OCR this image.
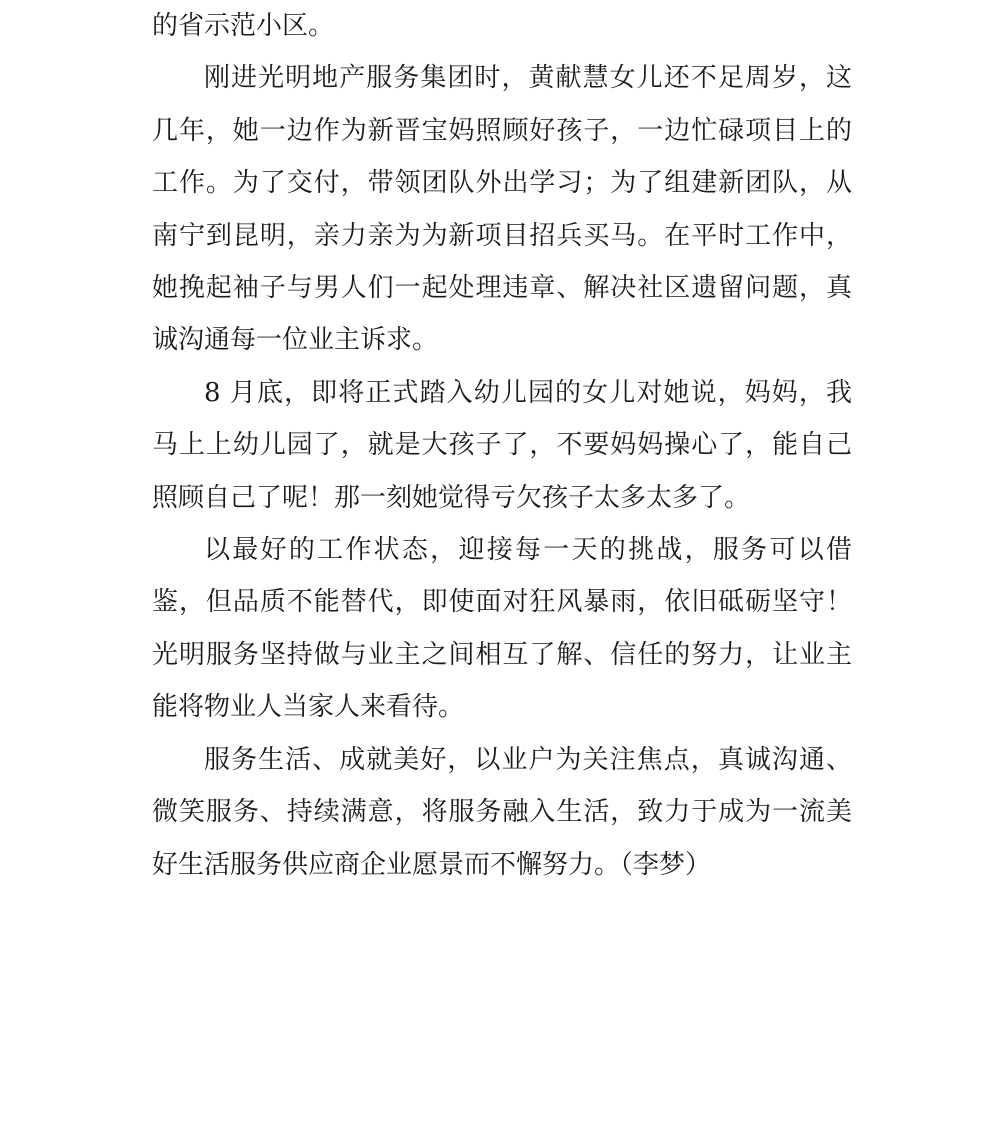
的省示范小区。

刚进光明地产服务集团时，黄献慧女儿还不足周岁，这几年，她一边作为新晋宝妈照顾好孩子，一边忙碌项目上的工作。为了交付，带领团队外出学习；为了组建新团队，从南宁到昆明，亲力亲为为新项目招兵买马。在平时工作中，她挽起袖子与男人们一起处理违章、解决社区遗留问题，真诚沟通每一位业主诉求。

8 月底，即将正式踏入幼儿园的女儿对她说，妈妈，我马上上幼儿园了，就是大孩子了，不要妈妈操心了，能自己照顾自己了呢！那一刻她觉得亏欠孩子太多太多了。

以最好的工作状态，迎接每一天的挑战，服务可以借鉴，但品质不能替代，即使面对狂风暴雨，依旧砥砺坚守！光明服务坚持做与业主之间相互了解、信任的努力，让业主能将物业人当家人来看待。

服务生活、成就美好，以业户为关注焦点，真诚沟通、微笑服务、持续满意，将服务融入生活，致力于成为一流美好生活服务供应商企业愿景而不懈努力。（李梦）
